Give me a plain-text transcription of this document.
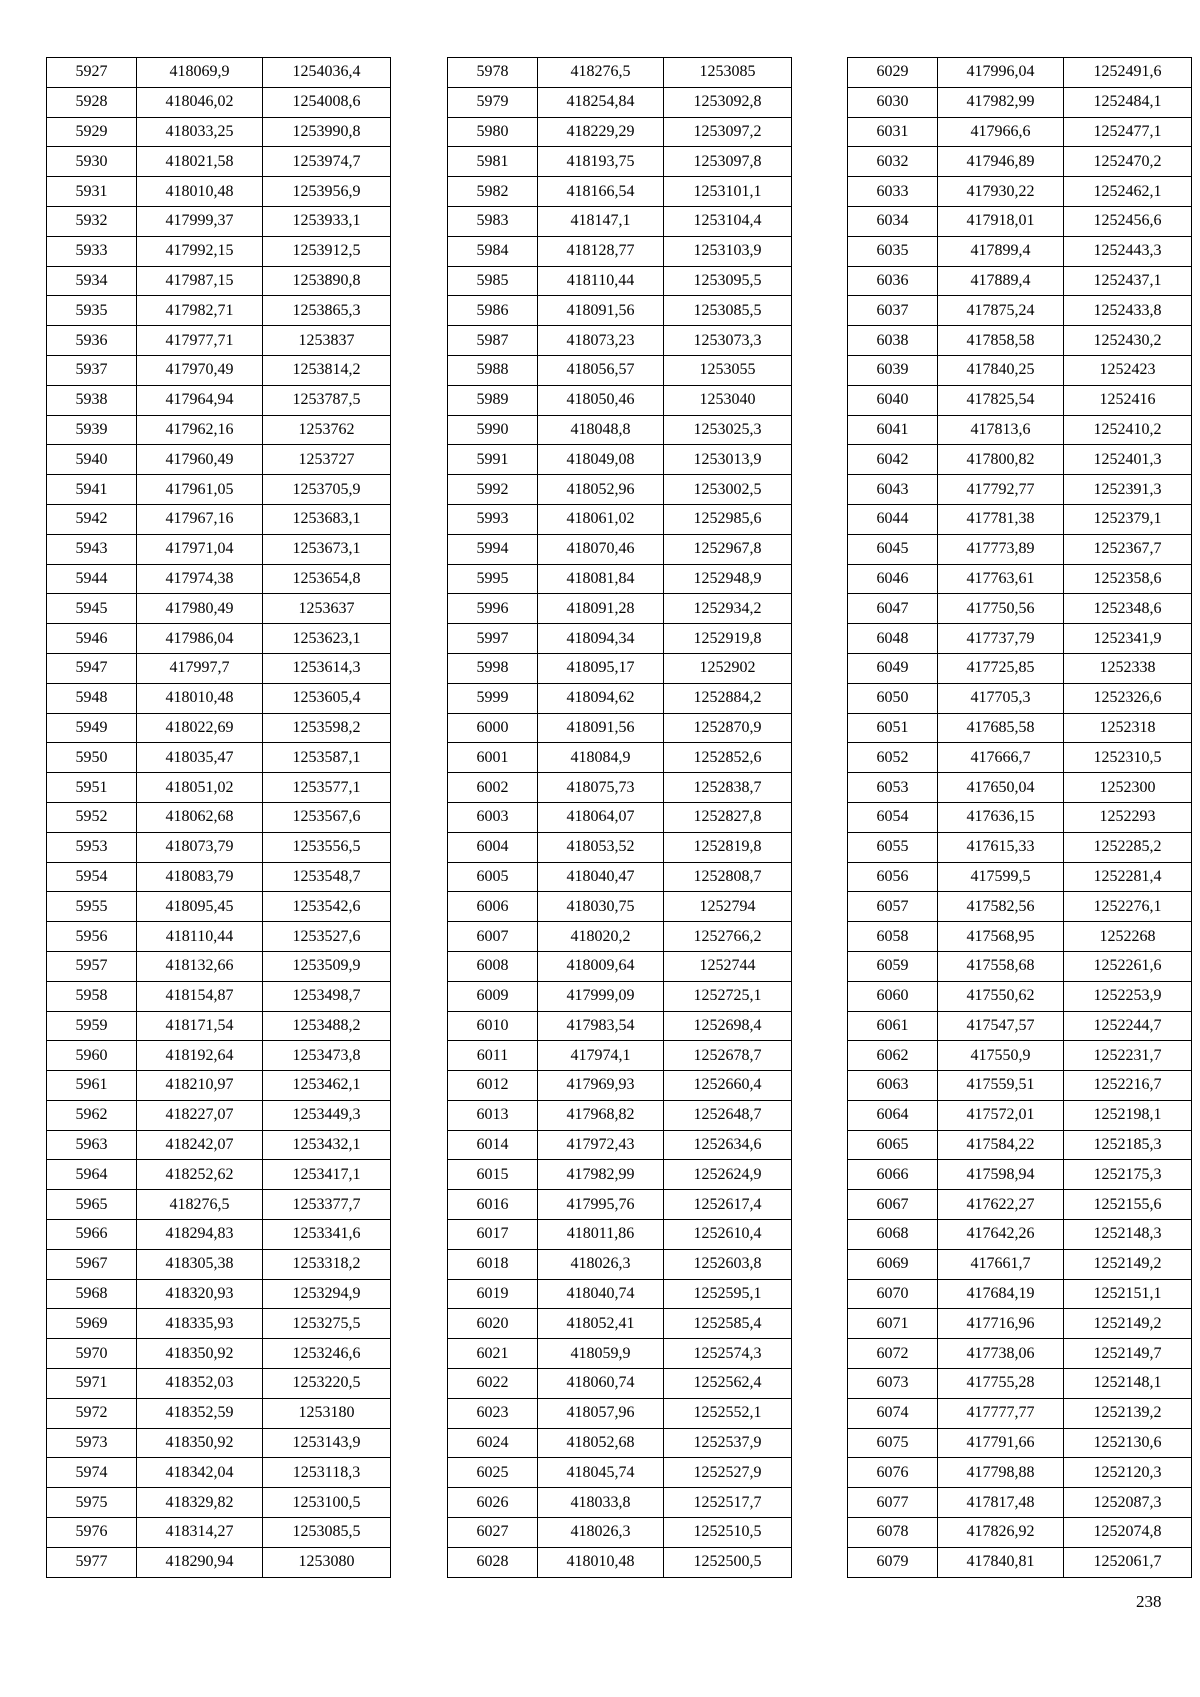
5927	418069,9	1254036,4
5928	418046,02	1254008,6
5929	418033,25	1253990,8
5930	418021,58	1253974,7
5931	418010,48	1253956,9
5932	417999,37	1253933,1
5933	417992,15	1253912,5
5934	417987,15	1253890,8
5935	417982,71	1253865,3
5936	417977,71	1253837
5937	417970,49	1253814,2
5938	417964,94	1253787,5
5939	417962,16	1253762
5940	417960,49	1253727
5941	417961,05	1253705,9
5942	417967,16	1253683,1
5943	417971,04	1253673,1
5944	417974,38	1253654,8
5945	417980,49	1253637
5946	417986,04	1253623,1
5947	417997,7	1253614,3
5948	418010,48	1253605,4
5949	418022,69	1253598,2
5950	418035,47	1253587,1
5951	418051,02	1253577,1
5952	418062,68	1253567,6
5953	418073,79	1253556,5
5954	418083,79	1253548,7
5955	418095,45	1253542,6
5956	418110,44	1253527,6
5957	418132,66	1253509,9
5958	418154,87	1253498,7
5959	418171,54	1253488,2
5960	418192,64	1253473,8
5961	418210,97	1253462,1
5962	418227,07	1253449,3
5963	418242,07	1253432,1
5964	418252,62	1253417,1
5965	418276,5	1253377,7
5966	418294,83	1253341,6
5967	418305,38	1253318,2
5968	418320,93	1253294,9
5969	418335,93	1253275,5
5970	418350,92	1253246,6
5971	418352,03	1253220,5
5972	418352,59	1253180
5973	418350,92	1253143,9
5974	418342,04	1253118,3
5975	418329,82	1253100,5
5976	418314,27	1253085,5
5977	418290,94	1253080
5978	418276,5	1253085
5979	418254,84	1253092,8
5980	418229,29	1253097,2
5981	418193,75	1253097,8
5982	418166,54	1253101,1
5983	418147,1	1253104,4
5984	418128,77	1253103,9
5985	418110,44	1253095,5
5986	418091,56	1253085,5
5987	418073,23	1253073,3
5988	418056,57	1253055
5989	418050,46	1253040
5990	418048,8	1253025,3
5991	418049,08	1253013,9
5992	418052,96	1253002,5
5993	418061,02	1252985,6
5994	418070,46	1252967,8
5995	418081,84	1252948,9
5996	418091,28	1252934,2
5997	418094,34	1252919,8
5998	418095,17	1252902
5999	418094,62	1252884,2
6000	418091,56	1252870,9
6001	418084,9	1252852,6
6002	418075,73	1252838,7
6003	418064,07	1252827,8
6004	418053,52	1252819,8
6005	418040,47	1252808,7
6006	418030,75	1252794
6007	418020,2	1252766,2
6008	418009,64	1252744
6009	417999,09	1252725,1
6010	417983,54	1252698,4
6011	417974,1	1252678,7
6012	417969,93	1252660,4
6013	417968,82	1252648,7
6014	417972,43	1252634,6
6015	417982,99	1252624,9
6016	417995,76	1252617,4
6017	418011,86	1252610,4
6018	418026,3	1252603,8
6019	418040,74	1252595,1
6020	418052,41	1252585,4
6021	418059,9	1252574,3
6022	418060,74	1252562,4
6023	418057,96	1252552,1
6024	418052,68	1252537,9
6025	418045,74	1252527,9
6026	418033,8	1252517,7
6027	418026,3	1252510,5
6028	418010,48	1252500,5
6029	417996,04	1252491,6
6030	417982,99	1252484,1
6031	417966,6	1252477,1
6032	417946,89	1252470,2
6033	417930,22	1252462,1
6034	417918,01	1252456,6
6035	417899,4	1252443,3
6036	417889,4	1252437,1
6037	417875,24	1252433,8
6038	417858,58	1252430,2
6039	417840,25	1252423
6040	417825,54	1252416
6041	417813,6	1252410,2
6042	417800,82	1252401,3
6043	417792,77	1252391,3
6044	417781,38	1252379,1
6045	417773,89	1252367,7
6046	417763,61	1252358,6
6047	417750,56	1252348,6
6048	417737,79	1252341,9
6049	417725,85	1252338
6050	417705,3	1252326,6
6051	417685,58	1252318
6052	417666,7	1252310,5
6053	417650,04	1252300
6054	417636,15	1252293
6055	417615,33	1252285,2
6056	417599,5	1252281,4
6057	417582,56	1252276,1
6058	417568,95	1252268
6059	417558,68	1252261,6
6060	417550,62	1252253,9
6061	417547,57	1252244,7
6062	417550,9	1252231,7
6063	417559,51	1252216,7
6064	417572,01	1252198,1
6065	417584,22	1252185,3
6066	417598,94	1252175,3
6067	417622,27	1252155,6
6068	417642,26	1252148,3
6069	417661,7	1252149,2
6070	417684,19	1252151,1
6071	417716,96	1252149,2
6072	417738,06	1252149,7
6073	417755,28	1252148,1
6074	417777,77	1252139,2
6075	417791,66	1252130,6
6076	417798,88	1252120,3
6077	417817,48	1252087,3
6078	417826,92	1252074,8
6079	417840,81	1252061,7
238
